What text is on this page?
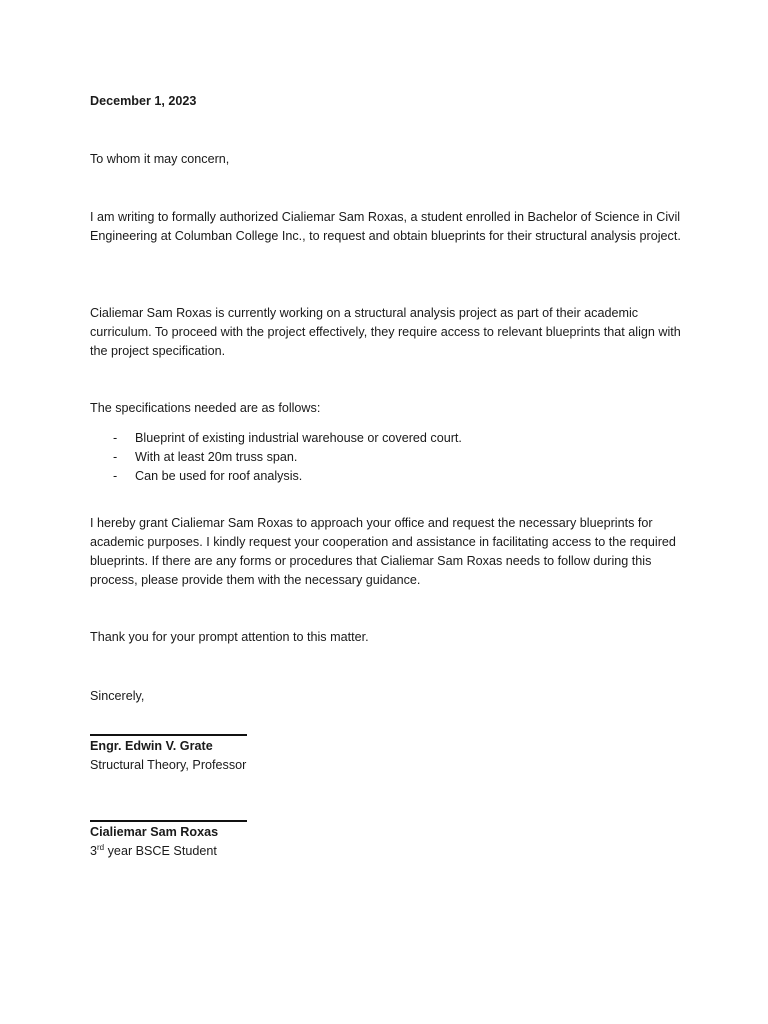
December 1, 2023

To whom it may concern,

I am writing to formally authorized Cialiemar Sam Roxas, a student enrolled in Bachelor of Science in Civil Engineering at Columban College Inc., to request and obtain blueprints for their structural analysis project.

Cialiemar Sam Roxas is currently working on a structural analysis project as part of their academic curriculum. To proceed with the project effectively, they require access to relevant blueprints that align with the project specification.

The specifications needed are as follows:

- Blueprint of existing industrial warehouse or covered court.
- With at least 20m truss span.
- Can be used for roof analysis.

I hereby grant Cialiemar Sam Roxas to approach your office and request the necessary blueprints for academic purposes. I kindly request your cooperation and assistance in facilitating access to the required blueprints. If there are any forms or procedures that Cialiemar Sam Roxas needs to follow during this process, please provide them with the necessary guidance.

Thank you for your prompt attention to this matter.

Sincerely,

Engr. Edwin V. Grate
Structural Theory, Professor
Cialiemar Sam Roxas
3rd year BSCE Student
